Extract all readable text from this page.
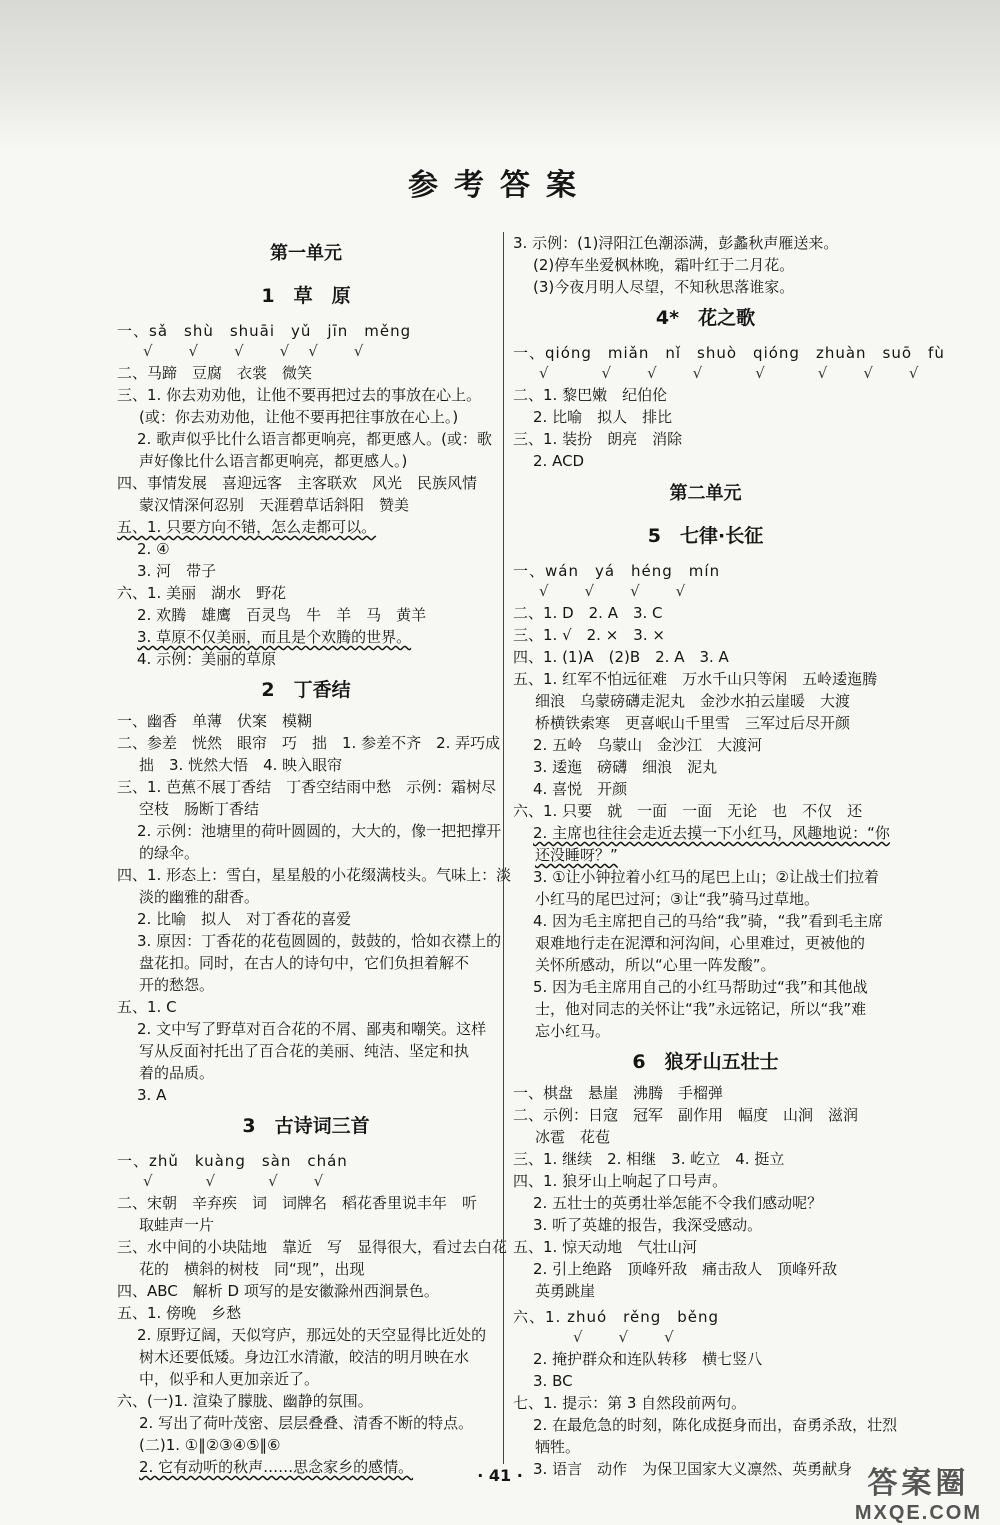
参考答案

第一单元

1　草　原

一、sǎ　shù　shuāi　yǔ　jīn　měng

√　　√　　√　　√　√　　√

二、马蹄　豆腐　衣裳　微笑

三、1. 你去劝劝他，让他不要再把过去的事放在心上。

(或：你去劝劝他，让他不要再把往事放在心上。)

2. 歌声似乎比什么语言都更响亮，都更感人。(或：歌

声好像比什么语言都更响亮，都更感人。)

四、事情发展　喜迎远客　主客联欢　风光　民族风情

蒙汉情深何忍别　天涯碧草话斜阳　赞美

五、1. 只要方向不错，怎么走都可以。

2. ④

3. 河　带子

六、1. 美丽　湖水　野花

2. 欢腾　雄鹰　百灵鸟　牛　羊　马　黄羊

3. 草原不仅美丽，而且是个欢腾的世界。

4. 示例：美丽的草原

2　丁香结

一、幽香　单薄　伏案　模糊

二、参差　恍然　眼帘　巧　拙　1. 参差不齐　2. 弄巧成

拙　3. 恍然大悟　4. 映入眼帘

三、1. 芭蕉不展丁香结　丁香空结雨中愁　示例：霜树尽

空枝　肠断丁香结

2. 示例：池塘里的荷叶圆圆的，大大的，像一把把撑开

的绿伞。

四、1. 形态上：雪白，星星般的小花缀满枝头。气味上：淡

淡的幽雅的甜香。

2. 比喻　拟人　对丁香花的喜爱

3. 原因：丁香花的花苞圆圆的，鼓鼓的，恰如衣襟上的

盘花扣。同时，在古人的诗句中，它们负担着解不

开的愁怨。

五、1. C

2. 文中写了野草对百合花的不屑、鄙夷和嘲笑。这样

写从反面衬托出了百合花的美丽、纯洁、坚定和执

着的品质。

3. A

3　古诗词三首

一、zhǔ　kuàng　sàn　chán

√　　　√　　　√　　√

二、宋朝　辛弃疾　词　词牌名　稻花香里说丰年　听

取蛙声一片

三、水中间的小块陆地　靠近　写　显得很大，看过去白花

花的　横斜的树枝　同“现”，出现

四、ABC　解析 D 项写的是安徽滁州西涧景色。

五、1. 傍晚　乡愁

2. 原野辽阔，天似穹庐，那远处的天空显得比近处的

树木还要低矮。身边江水清澈，皎洁的明月映在水

中，似乎和人更加亲近了。

六、(一)1. 渲染了朦胧、幽静的氛围。

2. 写出了荷叶茂密、层层叠叠、清香不断的特点。

(二)1. ①‖②③④⑤‖⑥

2. 它有动听的秋声……思念家乡的感情。

3. 示例：(1)浔阳江色潮添满，彭蠡秋声雁送来。

(2)停车坐爱枫林晚，霜叶红于二月花。

(3)今夜月明人尽望，不知秋思落谁家。

4*　花之歌

一、qióng　miǎn　nǐ　shuò　qióng　zhuàn　suō　fù

√　　　√　　√　　√　　　√　　　√　　√　　√

二、1. 黎巴嫩　纪伯伦

2. 比喻　拟人　排比

三、1. 装扮　朗亮　消除

2. ACD

第二单元

5　七律·长征

一、wán　yá　héng　mín

√　　√　　√　　√

二、1. D　2. A　3. C

三、1. √　2. ×　3. ×

四、1. (1)A　(2)B　2. A　3. A

五、1. 红军不怕远征难　万水千山只等闲　五岭逶迤腾

细浪　乌蒙磅礴走泥丸　金沙水拍云崖暖　大渡

桥横铁索寒　更喜岷山千里雪　三军过后尽开颜

2. 五岭　乌蒙山　金沙江　大渡河

3. 逶迤　磅礴　细浪　泥丸

4. 喜悦　开颜

六、1. 只要　就　一面　一面　无论　也　不仅　还

2. 主席也往往会走近去摸一下小红马，风趣地说：“你

还没睡呀？”

3. ①让小钟拉着小红马的尾巴上山；②让战士们拉着

小红马的尾巴过河；③让“我”骑马过草地。

4. 因为毛主席把自己的马给“我”骑，“我”看到毛主席

艰难地行走在泥潭和河沟间，心里难过，更被他的

关怀所感动，所以“心里一阵发酸”。

5. 因为毛主席用自己的小红马帮助过“我”和其他战

士，他对同志的关怀让“我”永远铭记，所以“我”难

忘小红马。

6　狼牙山五壮士

一、棋盘　悬崖　沸腾　手榴弹

二、示例：日寇　冠军　副作用　幅度　山涧　滋润

冰雹　花苞

三、1. 继续　2. 相继　3. 屹立　4. 挺立

四、1. 狼牙山上响起了口号声。

2. 五壮士的英勇壮举怎能不令我们感动呢？

3. 听了英雄的报告，我深受感动。

五、1. 惊天动地　气壮山河

2. 引上绝路　顶峰歼敌　痛击敌人　顶峰歼敌

英勇跳崖

六、1. zhuó　rěng　běng

　　√　　√　　√

2. 掩护群众和连队转移　横七竖八

3. BC

七、1. 提示：第 3 自然段前两句。

2. 在最危急的时刻，陈化成挺身而出，奋勇杀敌，壮烈

牺牲。

3. 语言　动作　为保卫国家大义凛然、英勇献身

· 41 ·	答案圈
MXQE.COM
